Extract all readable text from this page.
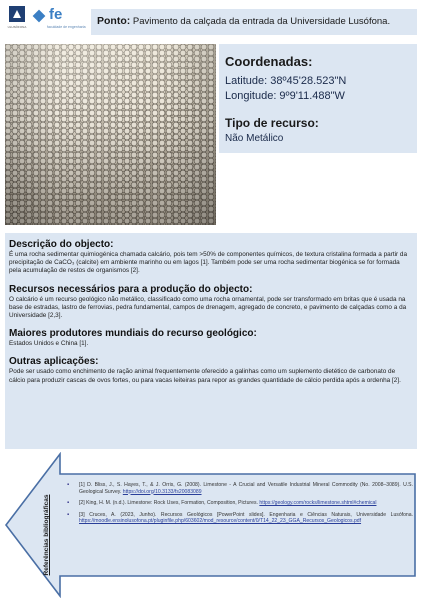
ULUSÓFONA
fe
faculdade de engenharia	Ponto: Pavimento da calçada da entrada da Universidade Lusófona.
Coordenadas:
Latitude: 38º45'28.523"N
Longitude: 9º9'11.488"W
Tipo de recurso:
Não Metálico
Descrição do objecto:

É uma rocha sedimentar quimiogénica chamada calcário, pois tem >50% de componentes químicos, de textura cristalina formada a partir da precipitação de CaCO₃ (calcite) em ambiente marinho ou em lagos [1]. Também pode ser uma rocha sedimentar biogénica se for formada pela acumulação de restos de organismos [2].

Recursos necessários para a produção do objecto:

O calcário é um recurso geológico não metálico, classificado como uma rocha ornamental, pode ser transformado em britas que é usada na base de estradas, lastro de ferrovias, pedra fundamental, campos de drenagem, agregado de concreto, e pavimento de calçadas como a da Universidade [2,3].

Maiores produtores mundiais do recurso geológico:

Estados Unidos e China [1].

Outras aplicações:

Pode ser usado como enchimento de ração animal frequentemente oferecido a galinhas como um suplemento dietético de carbonato de cálcio para produzir cascas de ovos fortes, ou para vacas leiteiras para repor as grandes quantidade de cálcio perdida após a ordenha [2].

Referências bibliográficas
▪ [1] D. Bliss, J., S. Hayes, T., & J. Orris, G. (2008). Limestone - A Crucial and Versatile Industrial Mineral Commodity (No. 2008–3089). U.S. Geological Survey. https://doi.org/10.3133/fs20083089
▪ [2] King, H. M. (n.d.). Limestone: Rock Uses, Formation, Composition, Pictures. https://geology.com/rocks/limestone.shtml#chemical
▪ [3] Cruces, A. (2023, Junho). Recursos Geológicos [PowerPoint slides]. Engenharia e Ciências Naturais, Universidade Lusófona. https://moodle.ensinolusofona.pt/pluginfile.php/603602/mod_resource/content/0/T14_22_23_GGA_Recursos_Geologicos.pdf
